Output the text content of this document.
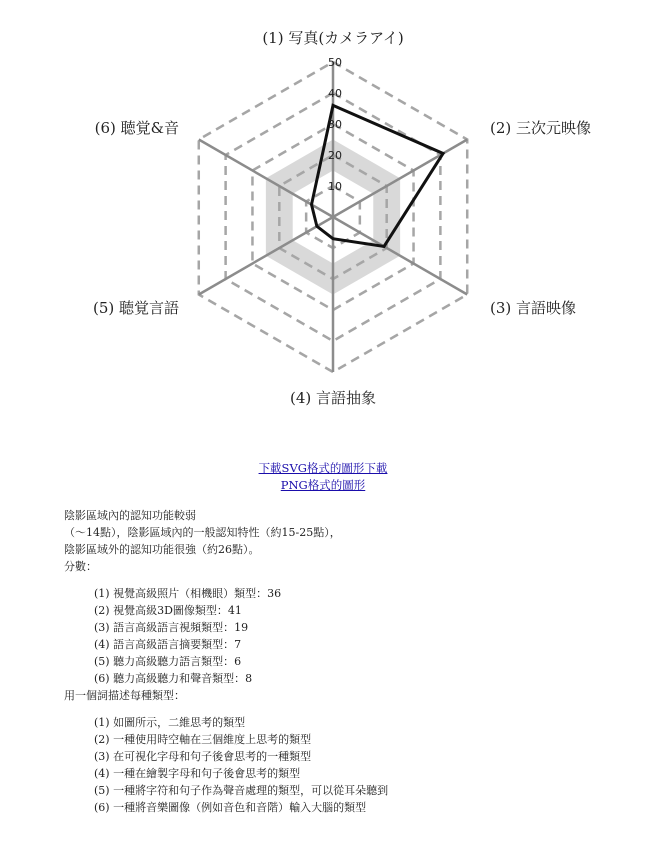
10
20
30
40
50
(1) 写真(カメラアイ)
(2) 三次元映像
(3) 言語映像
(4) 言語抽象
(5) 聴覚言語
(6) 聴覚&音
下載SVG格式的圖形下載
PNG格式的圖形

陰影區域內的認知功能較弱

（～14點），陰影區域內的一般認知特性（約15-25點），

陰影區域外的認知功能很強（約26點）。

分數：

(1) 視覺高級照片（相機眼）類型：36
(2) 視覺高級3D圖像類型：41
(3) 語言高級語言視頻類型：19
(4) 語言高級語言摘要類型：7
(5) 聽力高級聽力語言類型：6
(6) 聽力高級聽力和聲音類型：8

用一個詞描述每種類型：

(1) 如圖所示，二維思考的類型
(2) 一種使用時空軸在三個維度上思考的類型
(3) 在可視化字母和句子後會思考的一種類型
(4) 一種在繪製字母和句子後會思考的類型
(5) 一種將字符和句子作為聲音處理的類型，可以從耳朵聽到
(6) 一種將音樂圖像（例如音色和音階）輸入大腦的類型
